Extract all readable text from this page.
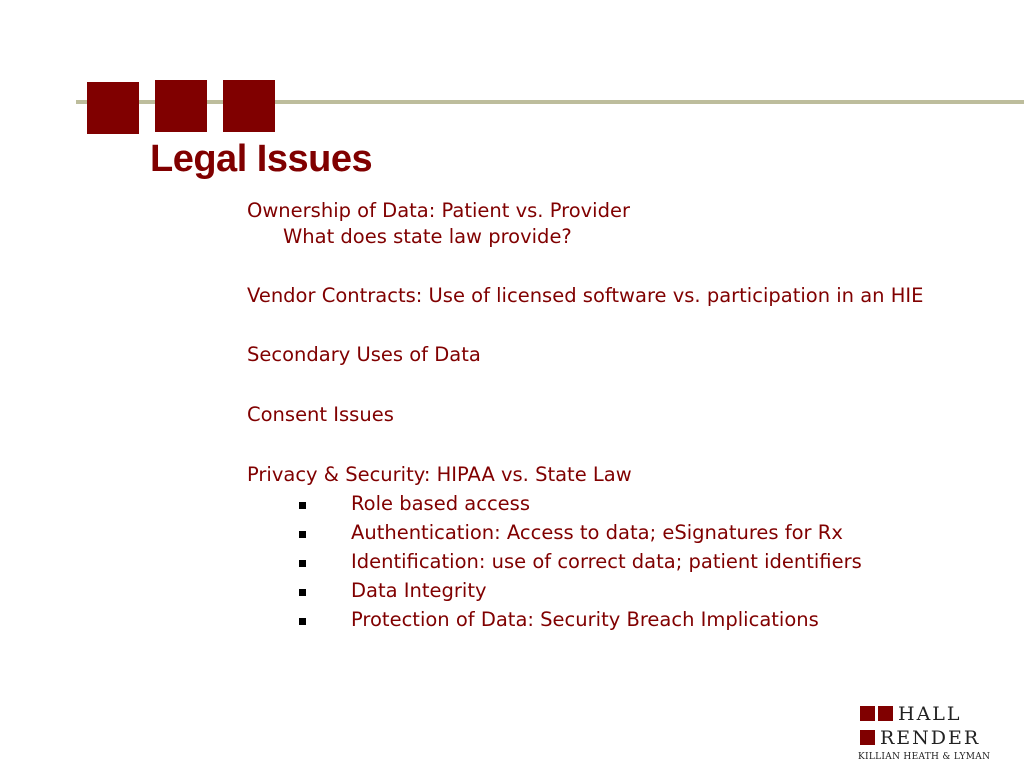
Legal Issues

Ownership of Data: Patient vs. Provider

What does state law provide?

Vendor Contracts: Use of licensed software vs. participation in an HIE

Secondary Uses of Data

Consent Issues

Privacy & Security: HIPAA vs. State Law

Role based access
Authentication: Access to data; eSignatures for Rx
Identification: use of correct data; patient identifiers
Data Integrity
Protection of Data: Security Breach Implications
HALL
RENDER
KILLIAN HEATH & LYMAN
